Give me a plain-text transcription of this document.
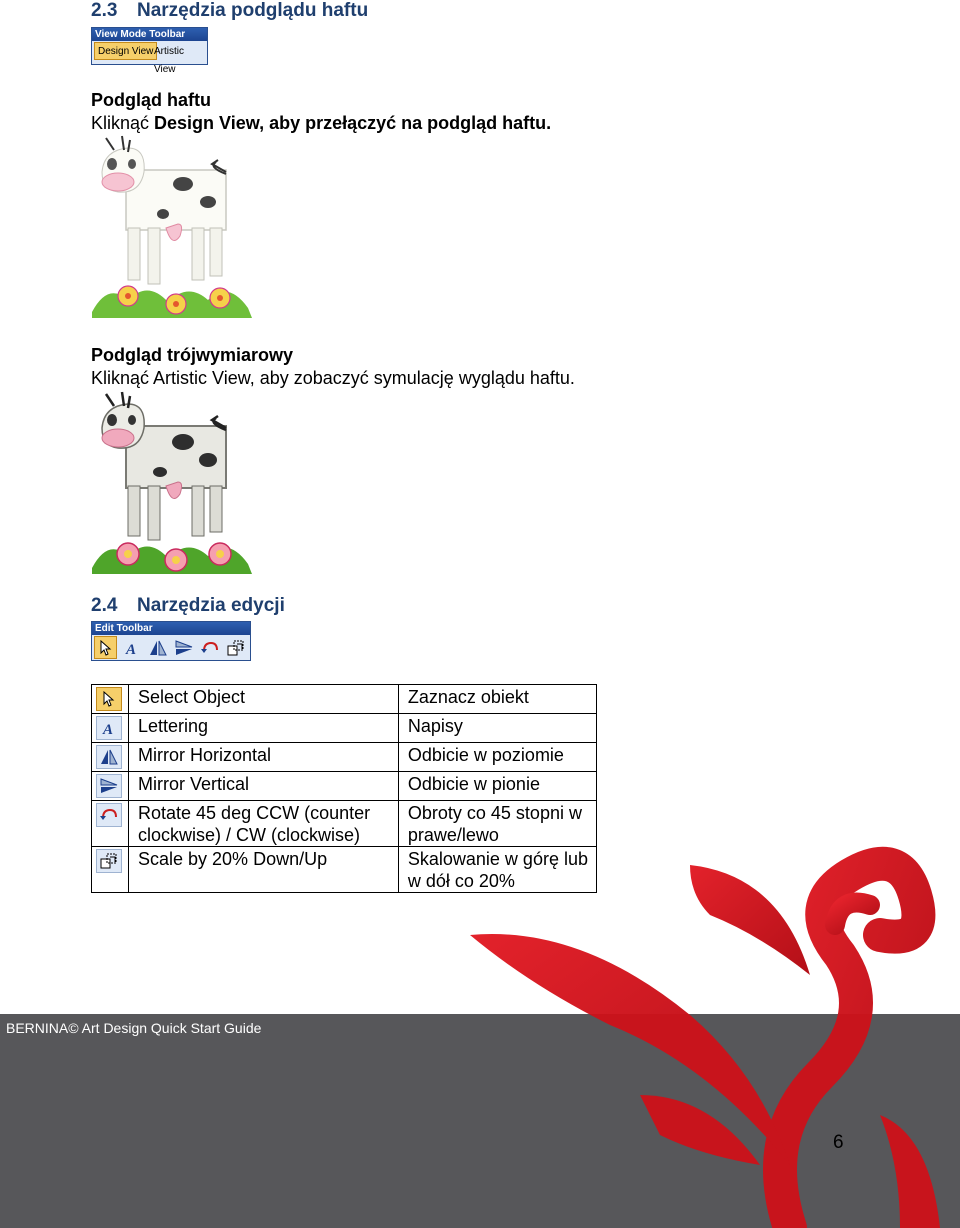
2.3 Narzędzia podglądu haftu
View Mode Toolbar
Design View Artistic View
Podgląd haftu
Kliknąć Design View, aby przełączyć na podgląd haftu.
Podgląd trójwymiarowy
Kliknąć Artistic View, aby zobaczyć symulację wyglądu haftu.
2.4 Narzędzia edycji
Edit Toolbar
A
	Select Object	Zaznacz obiekt

A	Lettering	Napisy

	Mirror Horizontal	Odbicie w poziomie

	Mirror Vertical	Odbicie w pionie

	Rotate 45 deg CCW (counter clockwise) / CW (clockwise)	Obroty co 45 stopni w prawe/lewo

	Scale by 20% Down/Up	Skalowanie w górę lub w dół co 20%
BERNINA© Art Design Quick Start Guide
6
